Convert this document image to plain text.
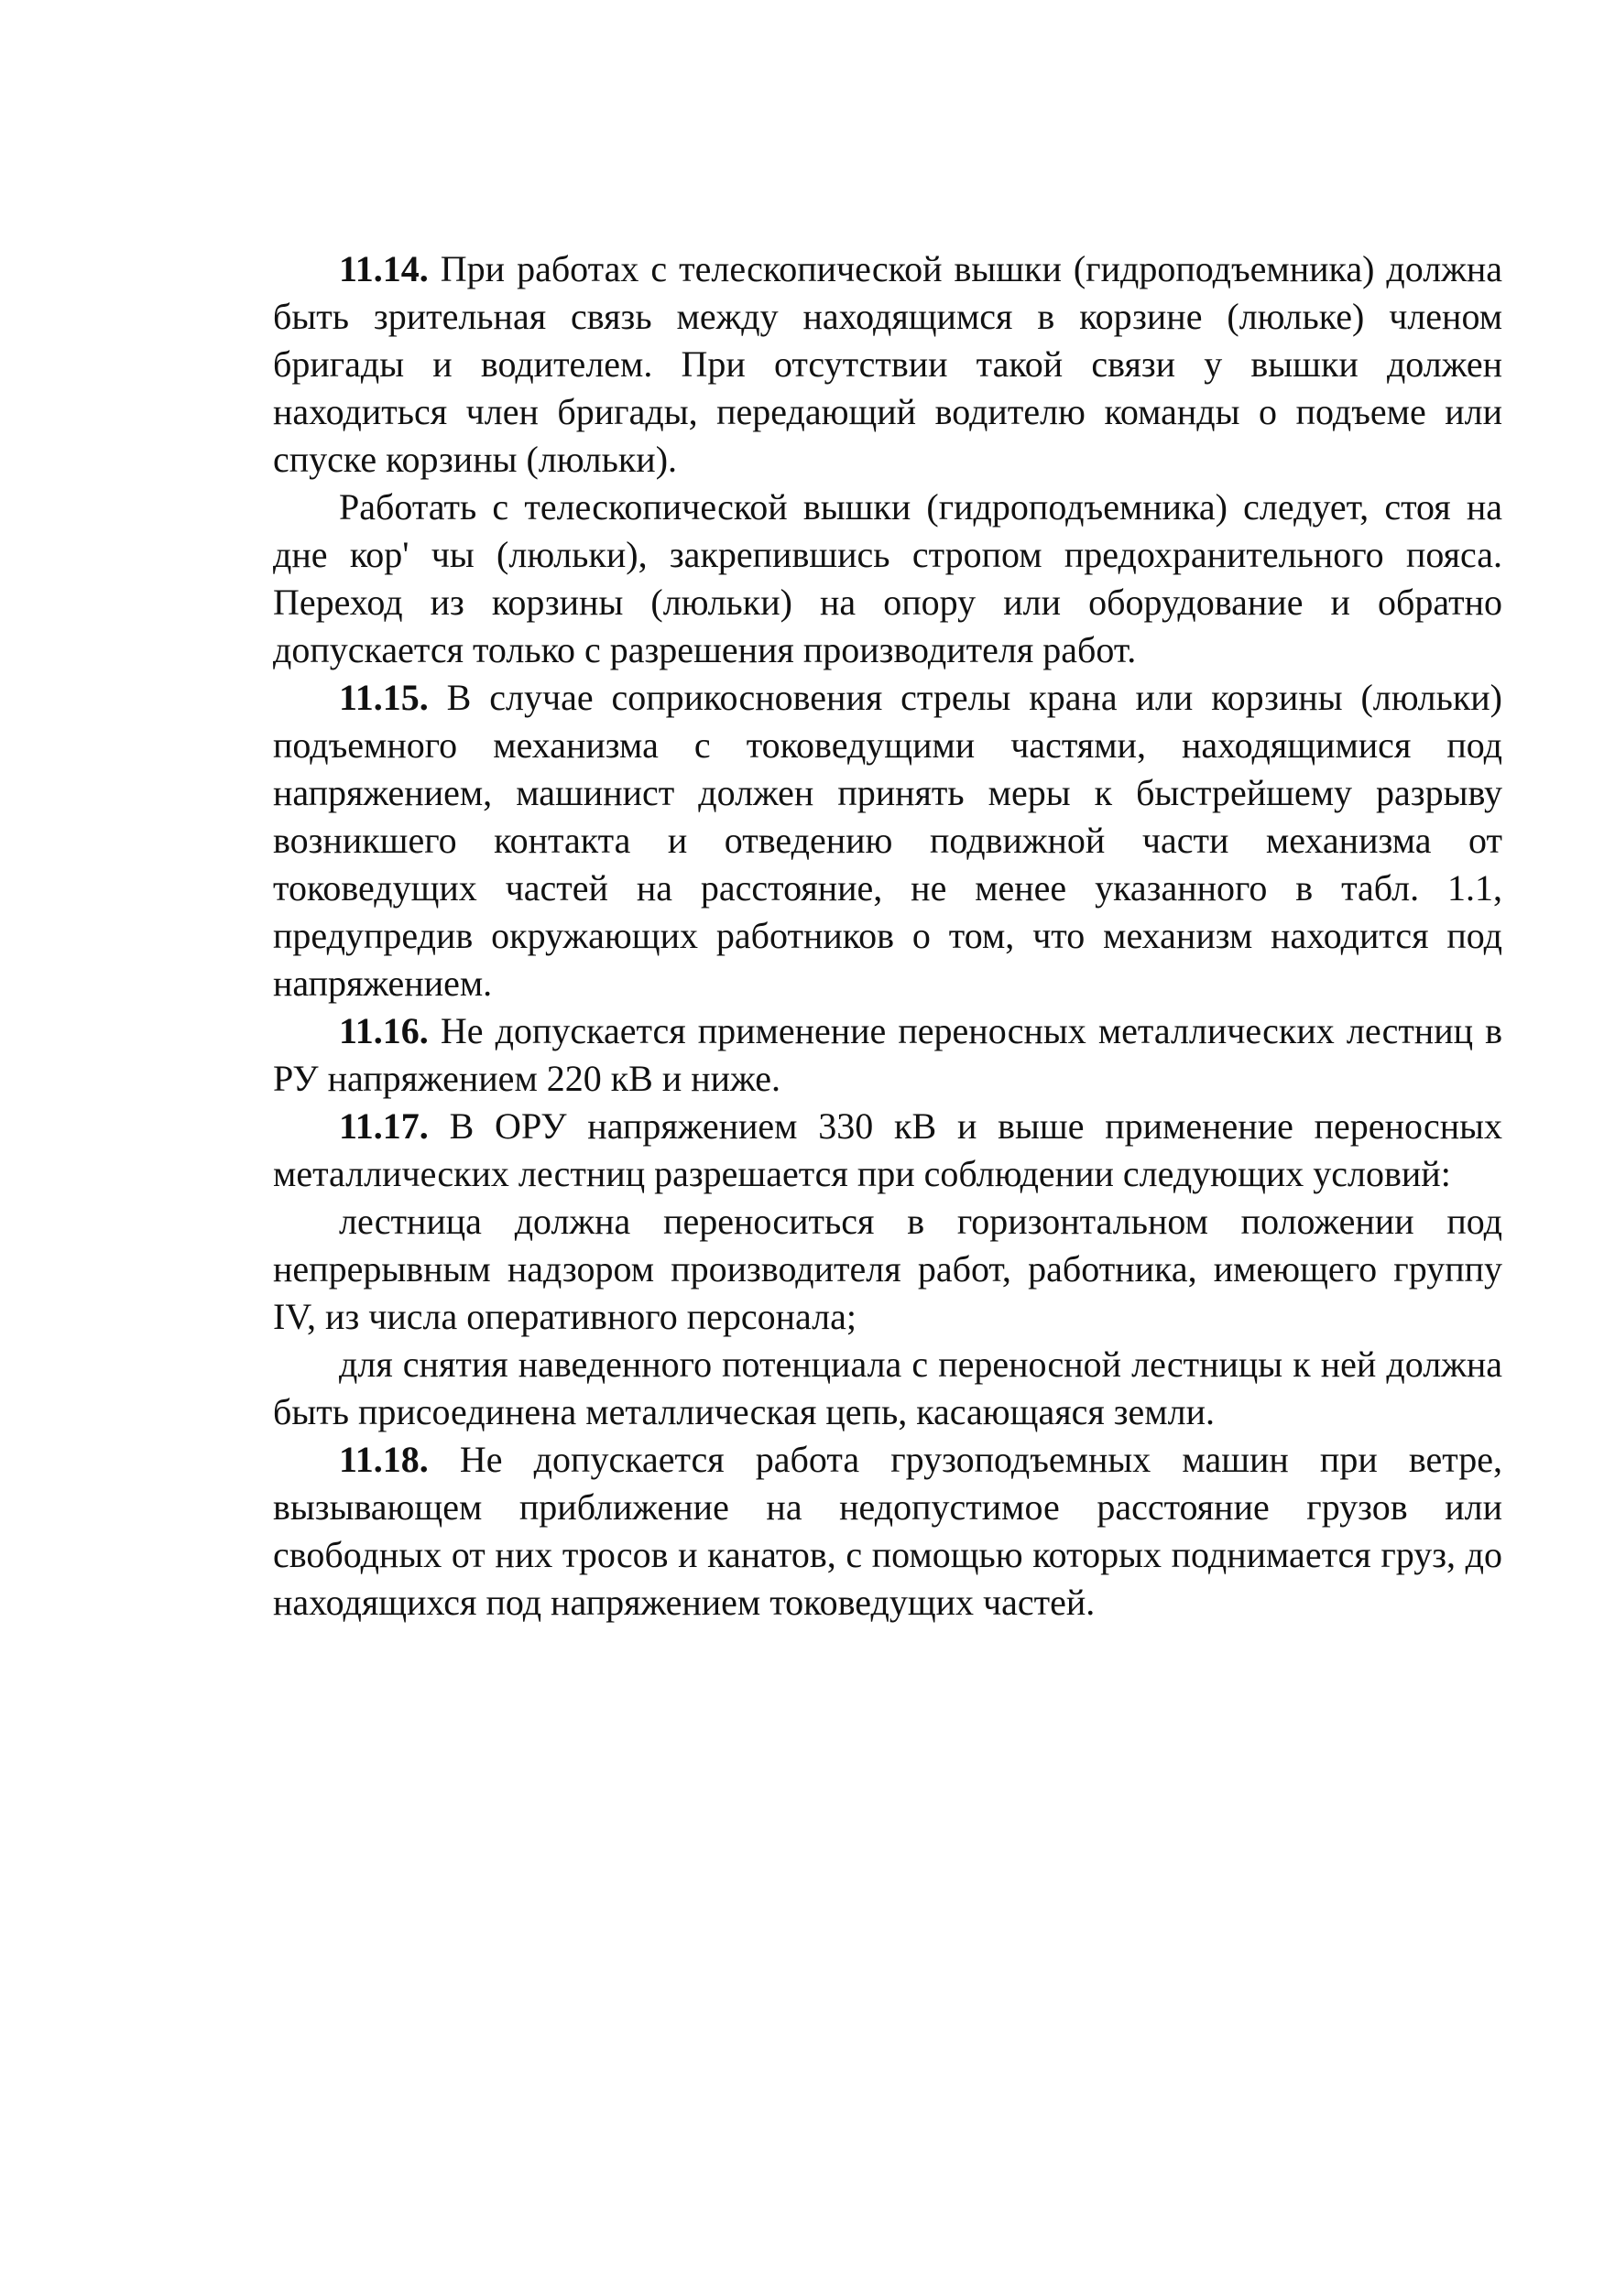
11.14. При работах с телескопической вышки (гидроподъемника) должна быть зрительная связь между находящимся в корзине (люльке) членом бригады и водителем. При отсутствии такой связи у вышки должен находиться член бригады, передающий водителю команды о подъеме или спуске корзины (люльки).

Работать с телескопической вышки (гидроподъемника) следует, стоя на дне кор' чы (люльки), закрепившись стропом предохранительного пояса. Переход из корзины (люльки) на опору или оборудование и обратно допускается только с разрешения производителя работ.

11.15. В случае соприкосновения стрелы крана или корзины (люльки) подъемного механизма с токоведущими частями, находящимися под напряжением, машинист должен принять меры к быстрейшему разрыву возникшего контакта и отведению подвижной части механизма от токоведущих частей на расстояние, не менее указанного в табл. 1.1, предупредив окружающих работников о том, что механизм находится под напряжением.

11.16. Не допускается применение переносных металлических лестниц в РУ напряжением 220 кВ и ниже.

11.17. В ОРУ напряжением 330 кВ и выше применение переносных металлических лестниц разрешается при соблюдении следующих условий:

лестница должна переноситься в горизонтальном положении под непрерывным надзором производителя работ, работника, имеющего группу IV, из числа оперативного персонала;

для снятия наведенного потенциала с переносной лестницы к ней должна быть присоединена металлическая цепь, касающаяся земли.

11.18. Не допускается работа грузоподъемных машин при ветре, вызывающем приближение на недопустимое расстояние грузов или свободных от них тросов и канатов, с помощью которых поднимается груз, до находящихся под напряжением токоведущих частей.
